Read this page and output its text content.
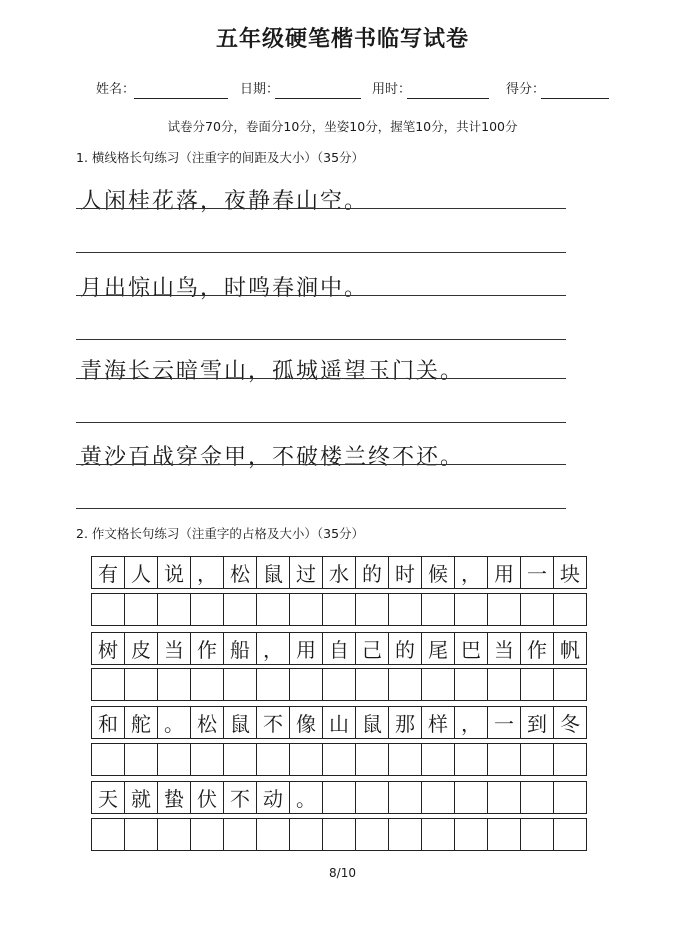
五年级硬笔楷书临写试卷
姓名：	日期：	用时：	得分：
试卷分70分，卷面分10分，坐姿10分，握笔10分，共计100分
1. 横线格长句练习（注重字的间距及大小）（35分）
人闲桂花落，夜静春山空。
月出惊山鸟，时鸣春涧中。
青海长云暗雪山，孤城遥望玉门关。
黄沙百战穿金甲，不破楼兰终不还。
2. 作文格长句练习（注重字的占格及大小）（35分）
有 人 说 ， 松 鼠 过 水 的 时 候 ， 用 一 块
树 皮 当 作 船 ， 用 自 己 的 尾 巴 当 作 帆
和 舵 。 松 鼠 不 像 山 鼠 那 样 ， 一 到 冬
天 就 蛰 伏 不 动 。
8/10
